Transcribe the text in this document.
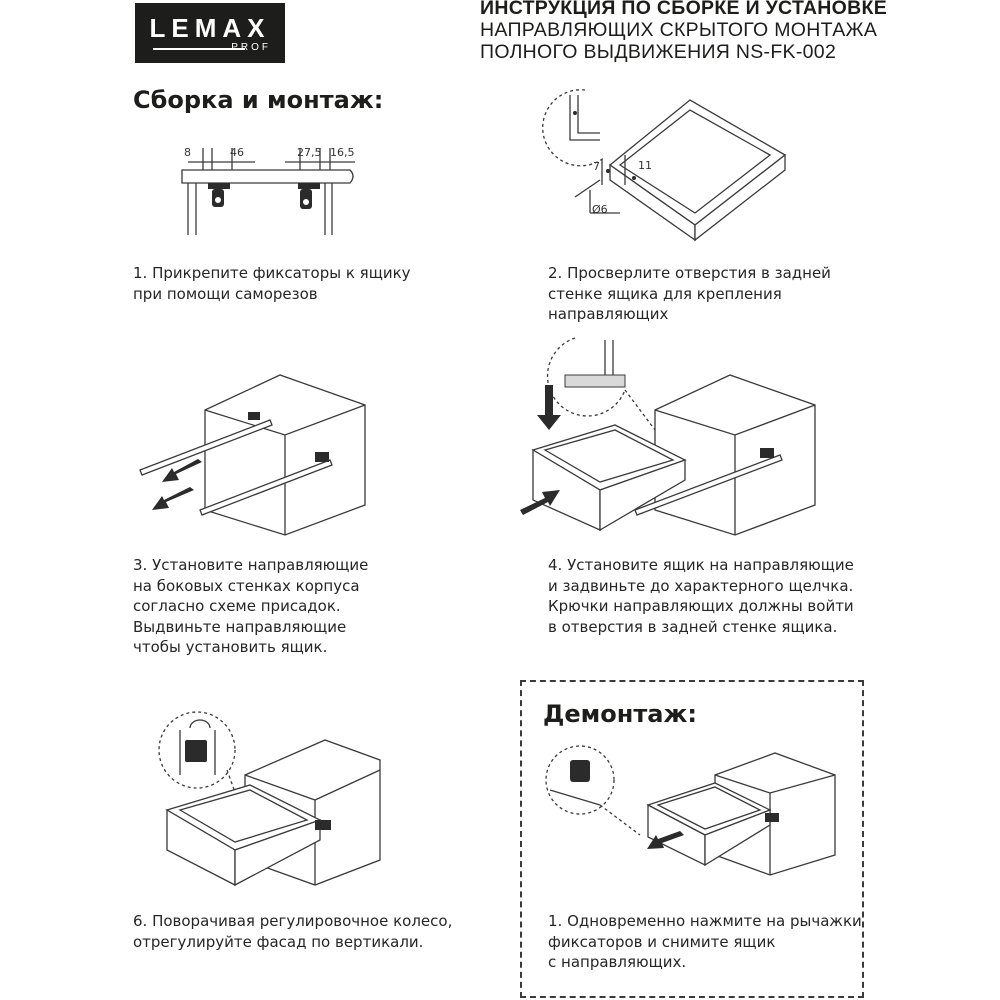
LEMAX
PROF
ИНСТРУКЦИЯ ПО СБОРКЕ И УСТАНОВКЕ
НАПРАВЛЯЮЩИХ СКРЫТОГО МОНТАЖА
ПОЛНОГО ВЫДВИЖЕНИЯ NS-FK-002
Сборка и монтаж:
8	46	27,5 16,5
1. Прикрепите фиксаторы к ящику
при помощи саморезов
7	11
Ø6
2. Просверлите отверстия в задней
стенке ящика для крепления
направляющих
3. Установите направляющие
на боковых стенках корпуса
согласно схеме присадок.
Выдвиньте направляющие
чтобы установить ящик.
4. Установите ящик на направляющие
и задвиньте до характерного щелчка.
Крючки направляющих должны войти
в отверстия в задней стенке ящика.
6. Поворачивая регулировочное колесо,
отрегулируйте фасад по вертикали.
Демонтаж:
1. Одновременно нажмите на рычажки
фиксаторов и снимите ящик
с направляющих.
